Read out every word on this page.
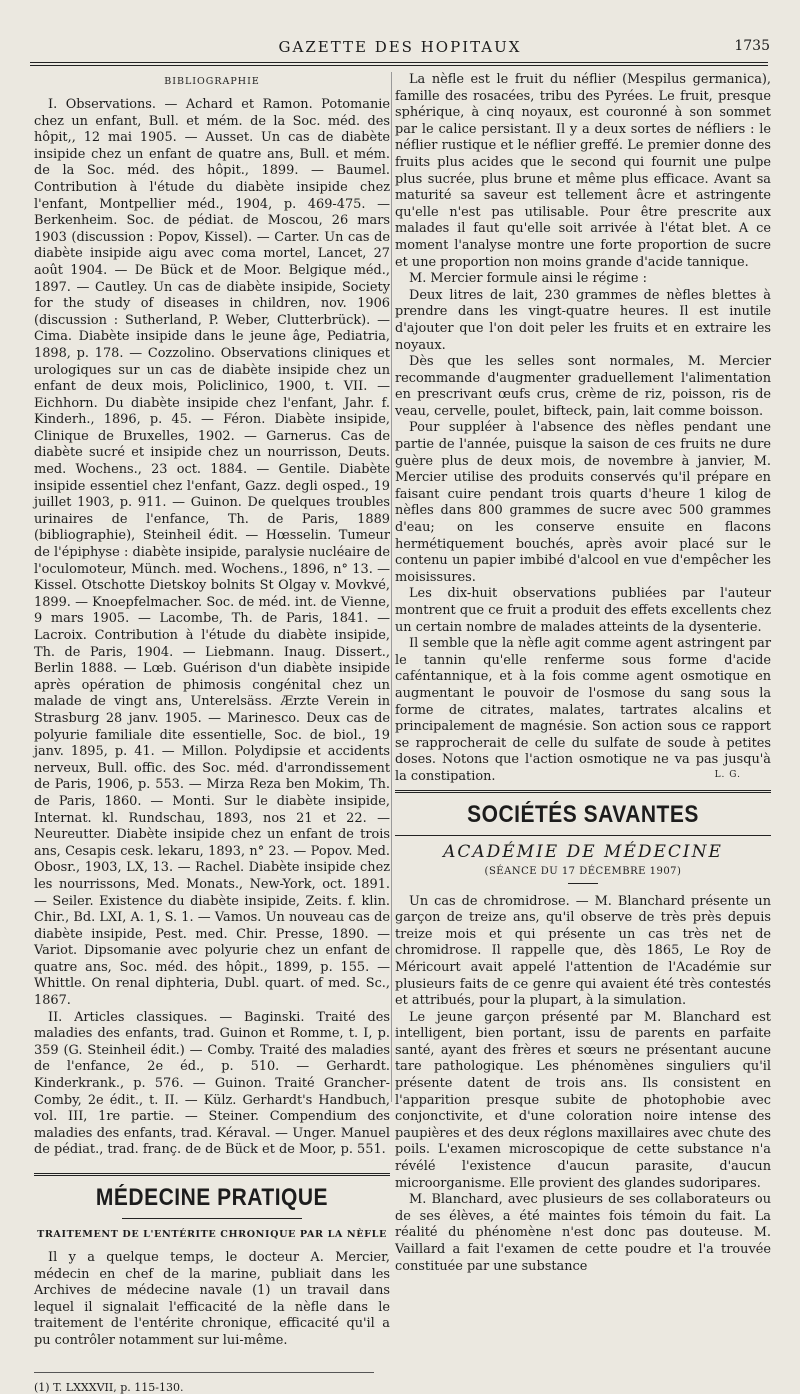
GAZETTE DES HOPITAUX	1735
BIBLIOGRAPHIE

I. Observations. — Achard et Ramon. Potomanie chez un enfant, Bull. et mém. de la Soc. méd. des hôpit,, 12 mai 1905. — Ausset. Un cas de diabète insipide chez un enfant de quatre ans, Bull. et mém. de la Soc. méd. des hôpit., 1899. — Baumel. Contribution à l'étude du diabète insipide chez l'enfant, Montpellier méd., 1904, p. 469-475. — Berkenheim. Soc. de pédiat. de Moscou, 26 mars 1903 (discussion : Popov, Kissel). — Carter. Un cas de diabète insipide aigu avec coma mortel, Lancet, 27 août 1904. — De Bück et de Moor. Belgique méd., 1897. — Cautley. Un cas de diabète insipide, Society for the study of diseases in children, nov. 1906 (discussion : Sutherland, P. Weber, Clutterbrück). — Cima. Diabète insipide dans le jeune âge, Pediatria, 1898, p. 178. — Cozzolino. Observations cliniques et urologiques sur un cas de diabète insipide chez un enfant de deux mois, Policlinico, 1900, t. VII. — Eichhorn. Du diabète insipide chez l'enfant, Jahr. f. Kinderh., 1896, p. 45. — Féron. Diabète insipide, Clinique de Bruxelles, 1902. — Garnerus. Cas de diabète sucré et insipide chez un nourrisson, Deuts. med. Wochens., 23 oct. 1884. — Gentile. Diabète insipide essentiel chez l'enfant, Gazz. degli osped., 19 juillet 1903, p. 911. — Guinon. De quelques troubles urinaires de l'enfance, Th. de Paris, 1889 (bibliographie), Steinheil édit. — Hœsselin. Tumeur de l'épiphyse : diabète insipide, paralysie nucléaire de l'oculomoteur, Münch. med. Wochens., 1896, n° 13. — Kissel. Otschotte Dietskoy bolnits St Olgay v. Movkvé, 1899. — Knoepfelmacher. Soc. de méd. int. de Vienne, 9 mars 1905. — Lacombe, Th. de Paris, 1841. — Lacroix. Contribution à l'étude du diabète insipide, Th. de Paris, 1904. — Liebmann. Inaug. Dissert., Berlin 1888. — Lœb. Guérison d'un diabète insipide après opération de phimosis congénital chez un malade de vingt ans, Unterelsäss. Ærzte Verein in Strasburg 28 janv. 1905. — Marinesco. Deux cas de polyurie familiale dite essentielle, Soc. de biol., 19 janv. 1895, p. 41. — Millon. Polydipsie et accidents nerveux, Bull. offic. des Soc. méd. d'arrondissement de Paris, 1906, p. 553. — Mirza Reza ben Mokim, Th. de Paris, 1860. — Monti. Sur le diabète insipide, Internat. kl. Rundschau, 1893, nos 21 et 22. — Neureutter. Diabète insipide chez un enfant de trois ans, Cesapis cesk. lekaru, 1893, n° 23. — Popov. Med. Obosr., 1903, LX, 13. — Rachel. Diabète insipide chez les nourrissons, Med. Monats., New-York, oct. 1891. — Seiler. Existence du diabète insipide, Zeits. f. klin. Chir., Bd. LXI, A. 1, S. 1. — Vamos. Un nouveau cas de diabète insipide, Pest. med. Chir. Presse, 1890. — Variot. Dipsomanie avec polyurie chez un enfant de quatre ans, Soc. méd. des hôpit., 1899, p. 155. — Whittle. On renal diphteria, Dubl. quart. of med. Sc., 1867.

II. Articles classiques. — Baginski. Traité des maladies des enfants, trad. Guinon et Romme, t. I, p. 359 (G. Steinheil édit.) — Comby. Traité des maladies de l'enfance, 2e éd., p. 510. — Gerhardt. Kinderkrank., p. 576. — Guinon. Traité Grancher-Comby, 2e édit., t. II. — Külz. Gerhardt's Handbuch, vol. III, 1re partie. — Steiner. Compendium des maladies des enfants, trad. Kéraval. — Unger. Manuel de pédiat., trad. franç. de de Bück et de Moor, p. 551.

MÉDECINE PRATIQUE
TRAITEMENT DE L'ENTÉRITE CHRONIQUE PAR LA NÈFLE

Il y a quelque temps, le docteur A. Mercier, médecin en chef de la marine, publiait dans les Archives de médecine navale (1) un travail dans lequel il signalait l'efficacité de la nèfle dans le traitement de l'entérite chronique, efficacité qu'il a pu contrôler notamment sur lui-même.

(1) T. LXXXVII, p. 115-130.

La nèfle est le fruit du néflier (Mespilus germanica), famille des rosacées, tribu des Pyrées. Le fruit, presque sphérique, à cinq noyaux, est couronné à son sommet par le calice persistant. Il y a deux sortes de néfliers : le néflier rustique et le néflier greffé. Le premier donne des fruits plus acides que le second qui fournit une pulpe plus sucrée, plus brune et même plus efficace. Avant sa maturité sa saveur est tellement âcre et astringente qu'elle n'est pas utilisable. Pour être prescrite aux malades il faut qu'elle soit arrivée à l'état blet. A ce moment l'analyse montre une forte proportion de sucre et une proportion non moins grande d'acide tannique.

M. Mercier formule ainsi le régime :

Deux litres de lait, 230 grammes de nèfles blettes à prendre dans les vingt-quatre heures. Il est inutile d'ajouter que l'on doit peler les fruits et en extraire les noyaux.

Dès que les selles sont normales, M. Mercier recommande d'augmenter graduellement l'alimentation en prescrivant œufs crus, crème de riz, poisson, ris de veau, cervelle, poulet, bifteck, pain, lait comme boisson.

Pour suppléer à l'absence des nèfles pendant une partie de l'année, puisque la saison de ces fruits ne dure guère plus de deux mois, de novembre à janvier, M. Mercier utilise des produits conservés qu'il prépare en faisant cuire pendant trois quarts d'heure 1 kilog de nèfles dans 800 grammes de sucre avec 500 grammes d'eau; on les conserve ensuite en flacons hermétiquement bouchés, après avoir placé sur le contenu un papier imbibé d'alcool en vue d'empêcher les moisissures.

Les dix-huit observations publiées par l'auteur montrent que ce fruit a produit des effets excellents chez un certain nombre de malades atteints de la dysenterie.

Il semble que la nèfle agit comme agent astringent par le tannin qu'elle renferme sous forme d'acide caféntannique, et à la fois comme agent osmotique en augmentant le pouvoir de l'osmose du sang sous la forme de citrates, malates, tartrates alcalins et principalement de magnésie. Son action sous ce rapport se rapprocherait de celle du sulfate de soude à petites doses. Notons que l'action osmotique ne va pas jusqu'à la constipation.	L. G.
SOCIÉTÉS SAVANTES
ACADÉMIE DE MÉDECINE
(SÉANCE DU 17 DÉCEMBRE 1907)

Un cas de chromidrose. — M. Blanchard présente un garçon de treize ans, qu'il observe de très près depuis treize mois et qui présente un cas très net de chromidrose. Il rappelle que, dès 1865, Le Roy de Méricourt avait appelé l'attention de l'Académie sur plusieurs faits de ce genre qui avaient été très contestés et attribués, pour la plupart, à la simulation.

Le jeune garçon présenté par M. Blanchard est intelligent, bien portant, issu de parents en parfaite santé, ayant des frères et sœurs ne présentant aucune tare pathologique. Les phénomènes singuliers qu'il présente datent de trois ans. Ils consistent en l'apparition presque subite de photophobie avec conjonctivite, et d'une coloration noire intense des paupières et des deux réglons maxillaires avec chute des poils. L'examen microscopique de cette substance n'a révélé l'existence d'aucun parasite, d'aucun microorganisme. Elle provient des glandes sudoripares.

M. Blanchard, avec plusieurs de ses collaborateurs ou de ses élèves, a été maintes fois témoin du fait. La réalité du phénomène n'est donc pas douteuse. M. Vaillard a fait l'examen de cette poudre et l'a trouvée constituée par une substance
